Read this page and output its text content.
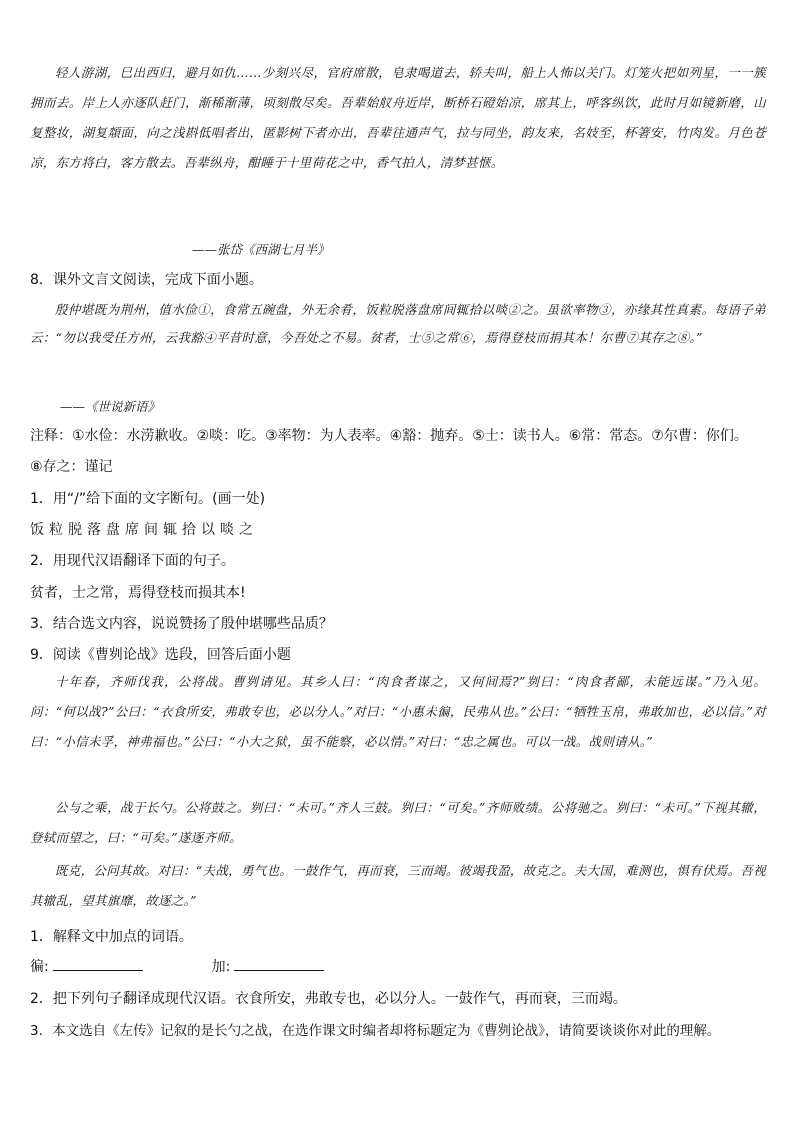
轻人游湖，巳出西归，避月如仇……少刻兴尽，官府席散，皂隶喝道去，轿夫叫，船上人怖以关门。灯笼火把如列星，一一簇拥而去。岸上人亦逐队赶门，渐稀渐薄，顷刻散尽矣。吾辈始舣舟近岸，断桥石磴始凉，席其上，呼客纵饮，此时月如镜新磨，山复整妆，湖复頮面，向之浅斟低唱者出，匿影树下者亦出，吾辈往通声气，拉与同坐，韵友来，名妓至，杯箸安，竹肉发。月色苍凉，东方将白，客方散去。吾辈纵舟，酣睡于十里荷花之中，香气拍人，清梦甚惬。

——张岱《西湖七月半》

8．课外文言文阅读，完成下面小题。

殷仲堪既为荆州，值水俭①，食常五碗盘，外无余肴，饭粒脱落盘席间辄拾以啖②之。虽欲率物③，亦缘其性真素。每语子弟云：“勿以我受任方州，云我豁④平昔时意，今吾处之不易。贫者，士⑤之常⑥，焉得登枝而捐其本！尔曹⑦其存之⑧。”

——《世说新语》

注释：①水俭：水涝歉收。②啖：吃。③率物：为人表率。④豁：抛弃。⑤士：读书人。⑥常：常态。⑦尔曹：你们。

⑧存之：谨记

1．用“/”给下面的文字断句。(画一处)

饭粒脱落盘席间辄拾以啖之

2．用现代汉语翻译下面的句子。

贫者，士之常，焉得登枝而损其本!

3．结合选文内容，说说赞扬了殷仲堪哪些品质？

9．阅读《曹刿论战》选段，回答后面小题

十年春，齐师伐我，公将战。曹刿请见。其乡人曰：“肉食者谋之，又何间焉?”刿曰：“肉食者鄙，未能远谋。”乃入见。问：“何以战?”公曰：“衣食所安，弗敢专也，必以分人。”对曰：“小惠未徧，民弗从也。”公曰：“牺牲玉帛，弗敢加也，必以信。”对曰：“小信未孚，神弗福也。”公曰：“小大之狱，虽不能察，必以情。”对曰：“忠之属也。可以一战。战则请从。”

公与之乘，战于长勺。公将鼓之。刿曰：“未可。”齐人三鼓。刿曰：“可矣。”齐师败绩。公将驰之。刿曰：“未可。”下视其辙，登轼而望之，曰：“可矣。”遂逐齐师。

既克，公问其故。对曰：“夫战，勇气也。一鼓作气，再而衰，三而竭。彼竭我盈，故克之。夫大国，难测也，惧有伏焉。吾视其辙乱，望其旗靡，故逐之。”

1．解释文中加点的词语。

徧:	加:

2．把下列句子翻译成现代汉语。衣食所安，弗敢专也，必以分人。一鼓作气，再而衰，三而竭。

3．本文选自《左传》记叙的是长勺之战，在选作课文时编者却将标题定为《曹刿论战》，请简要谈谈你对此的理解。
